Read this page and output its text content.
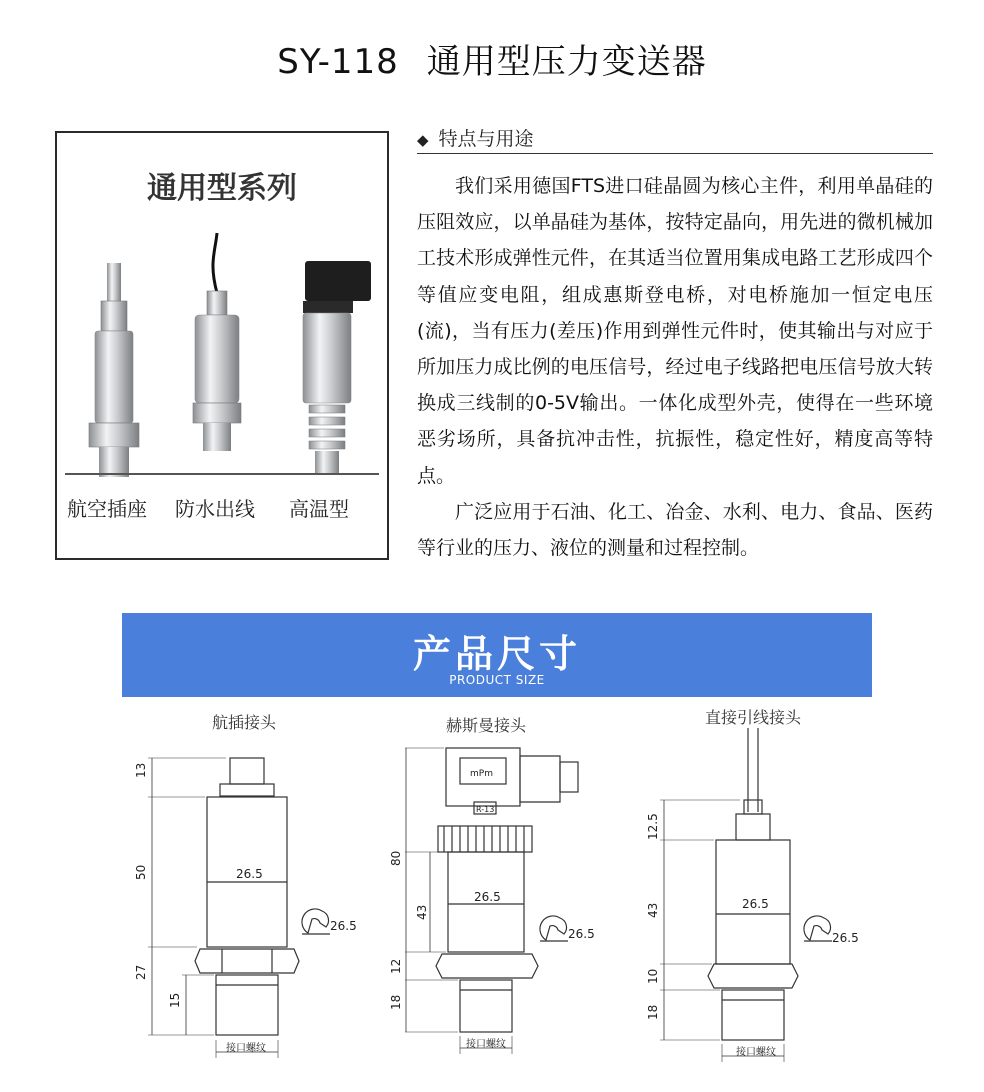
SY-118 通用型压力变送器
通用型系列
航空插座 防水出线 高温型
◆ 特点与用途

我们采用德国FTS进口硅晶圆为核心主件，利用单晶硅的压阻效应，以单晶硅为基体，按特定晶向，用先进的微机械加工技术形成弹性元件，在其适当位置用集成电路工艺形成四个等值应变电阻，组成惠斯登电桥，对电桥施加一恒定电压(流)，当有压力(差压)作用到弹性元件时，使其输出与对应于所加压力成比例的电压信号，经过电子线路把电压信号放大转换成三线制的0-5V输出。一体化成型外壳，使得在一些环境恶劣场所，具备抗冲击性，抗振性，稳定性好，精度高等特点。

广泛应用于石油、化工、冶金、水利、电力、食品、医药等行业的压力、液位的测量和过程控制。

产品尺寸
PRODUCT SIZE
航插接头	赫斯曼接头	直接引线接头
13
50
27
15
26.5
26.5
接口螺纹
mPm
R-13
80
43
12
18
26.5
26.5
接口螺纹
12.5
43
10
18
26.5
26.5
接口螺纹
